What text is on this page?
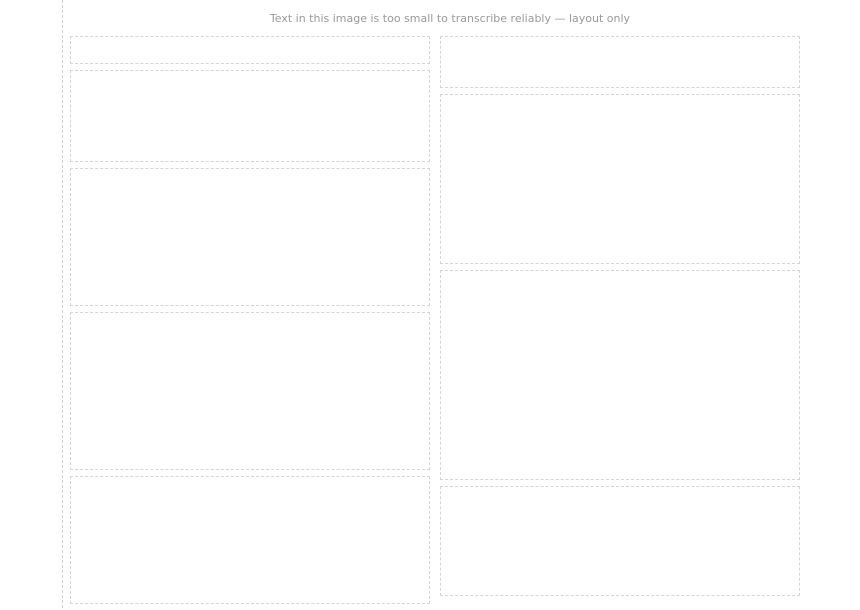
Text in this image is too small to transcribe reliably — layout only
